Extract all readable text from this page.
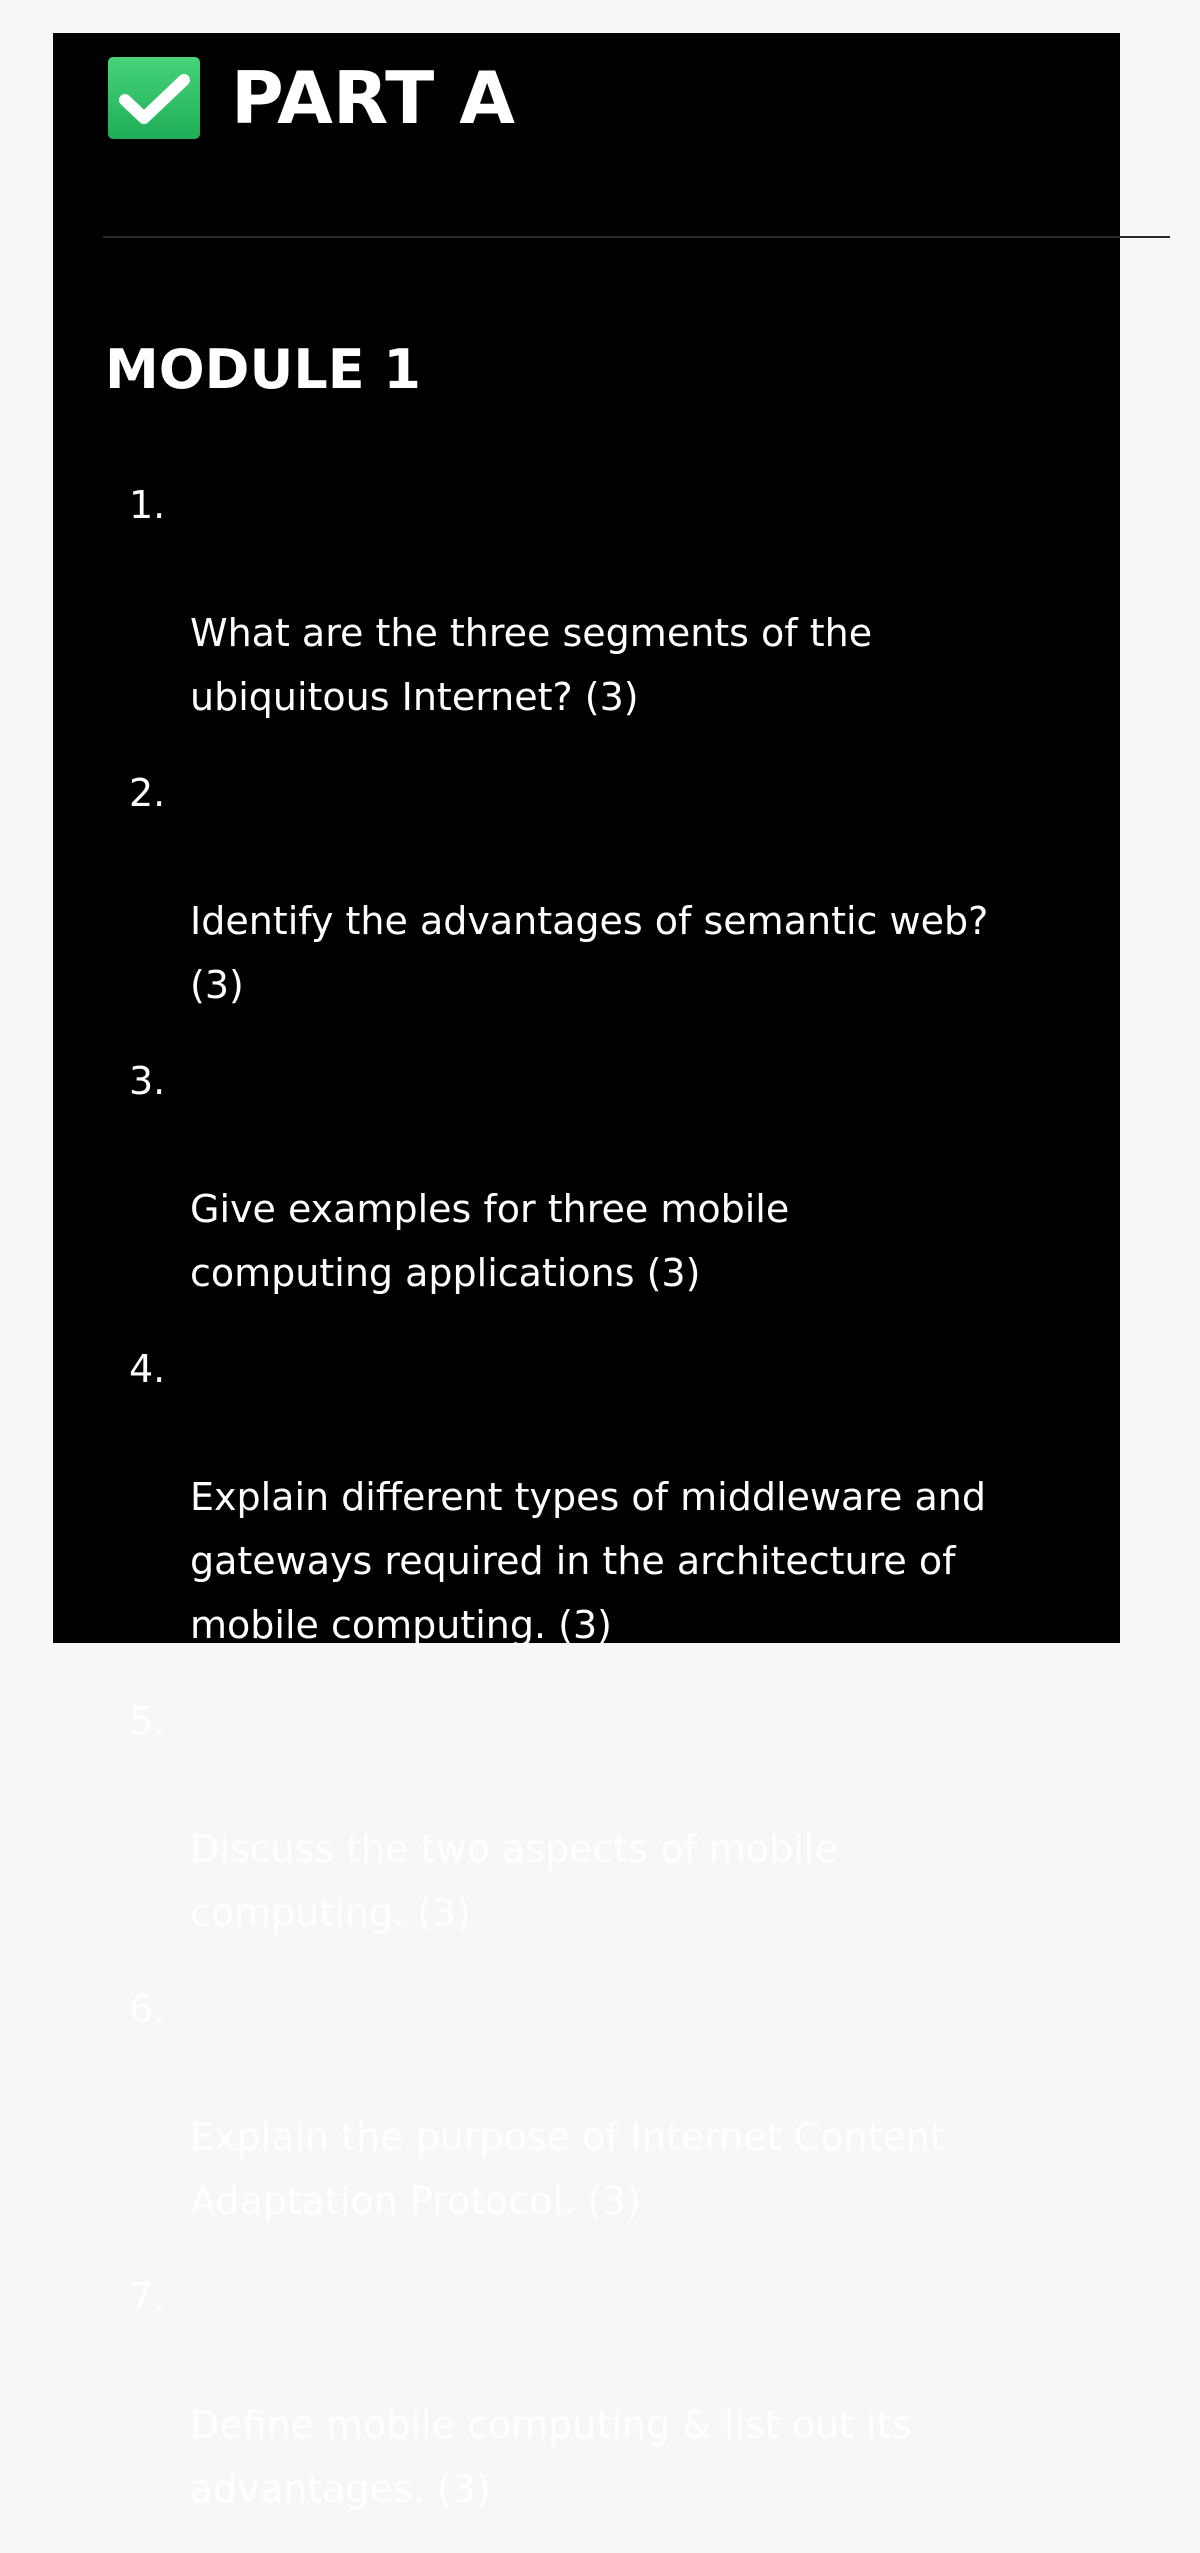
PART A
MODULE 1

1.

What are the three segments of the
ubiquitous Internet? (3)

2.

Identify the advantages of semantic web?
(3)

3.

Give examples for three mobile
computing applications (3)

4.

Explain different types of middleware and
gateways required in the architecture of
mobile computing. (3)

5.

Discuss the two aspects of mobile
computing. (3)

6.

Explain the purpose of Internet Content
Adaptation Protocol. (3)

7.

Define mobile computing & list out its
advantages. (3)
